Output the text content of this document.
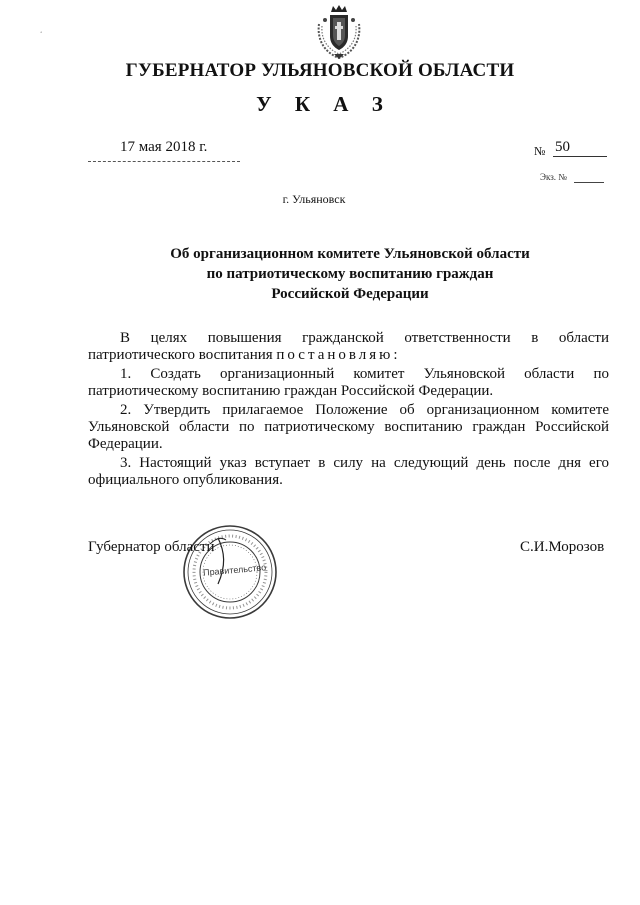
ʻ
ГУБЕРНАТОР УЛЬЯНОВСКОЙ ОБЛАСТИ
У К А З
17 мая 2018 г.	№ 50
Экз. №
г. Ульяновск
Об организационном комитете Ульяновской области
по патриотическому воспитанию граждан
Российской Федерации
В целях повышения гражданской ответственности в области патриотического воспитания постановляю:
1. Создать организационный комитет Ульяновской области по патриотическому воспитанию граждан Российской Федерации.
2. Утвердить прилагаемое Положение об организационном комитете Ульяновской области по патриотическому воспитанию граждан Российской Федерации.
3. Настоящий указ вступает в силу на следующий день после дня его официального опубликования.
Правительство
Губернатор области	С.И.Морозов
